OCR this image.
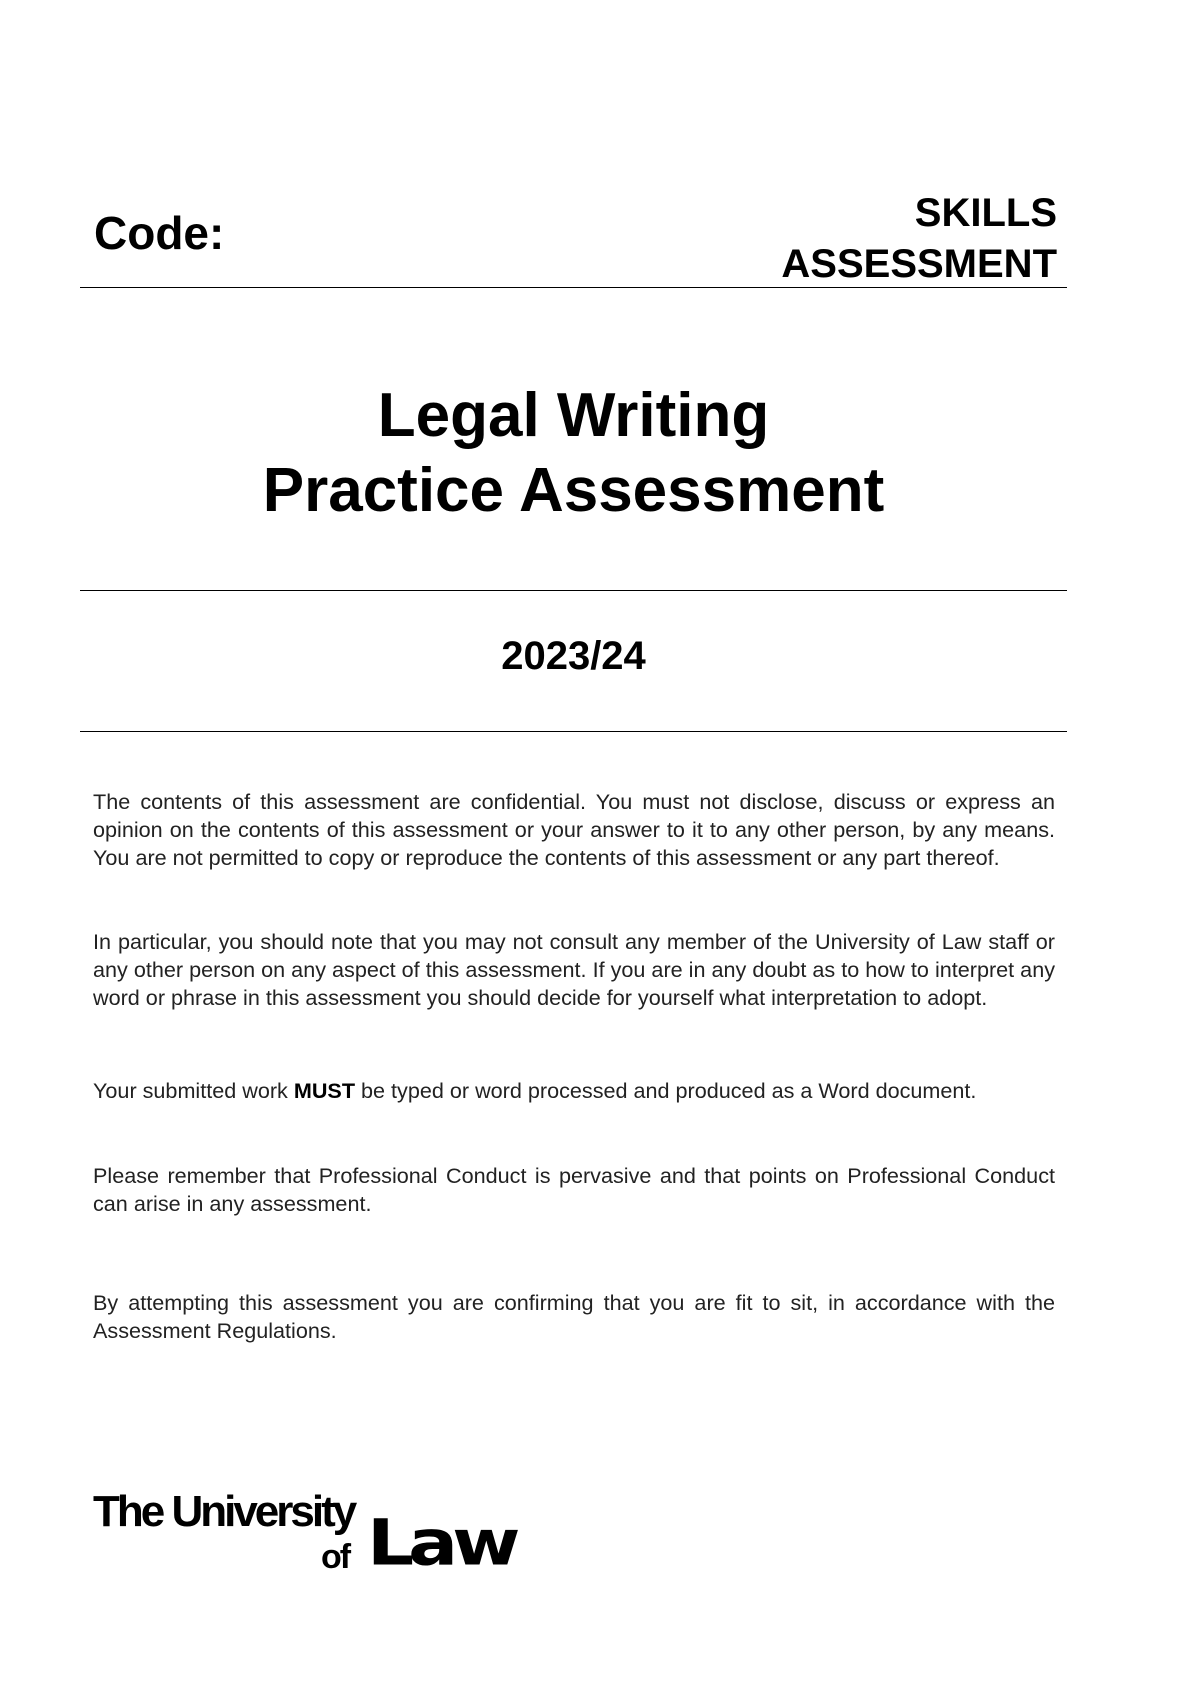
Code:	SKILLS
ASSESSMENT
Legal Writing
Practice Assessment
2023/24

The contents of this assessment are confidential. You must not disclose, discuss or express an opinion on the contents of this assessment or your answer to it to any other person, by any means. You are not permitted to copy or reproduce the contents of this assessment or any part thereof.

In particular, you should note that you may not consult any member of the University of Law staff or any other person on any aspect of this assessment. If you are in any doubt as to how to interpret any word or phrase in this assessment you should decide for yourself what interpretation to adopt.

Your submitted work MUST be typed or word processed and produced as a Word document.

Please remember that Professional Conduct is pervasive and that points on Professional Conduct can arise in any assessment.

By attempting this assessment you are confirming that you are fit to sit, in accordance with the Assessment Regulations.

The University
of Law
